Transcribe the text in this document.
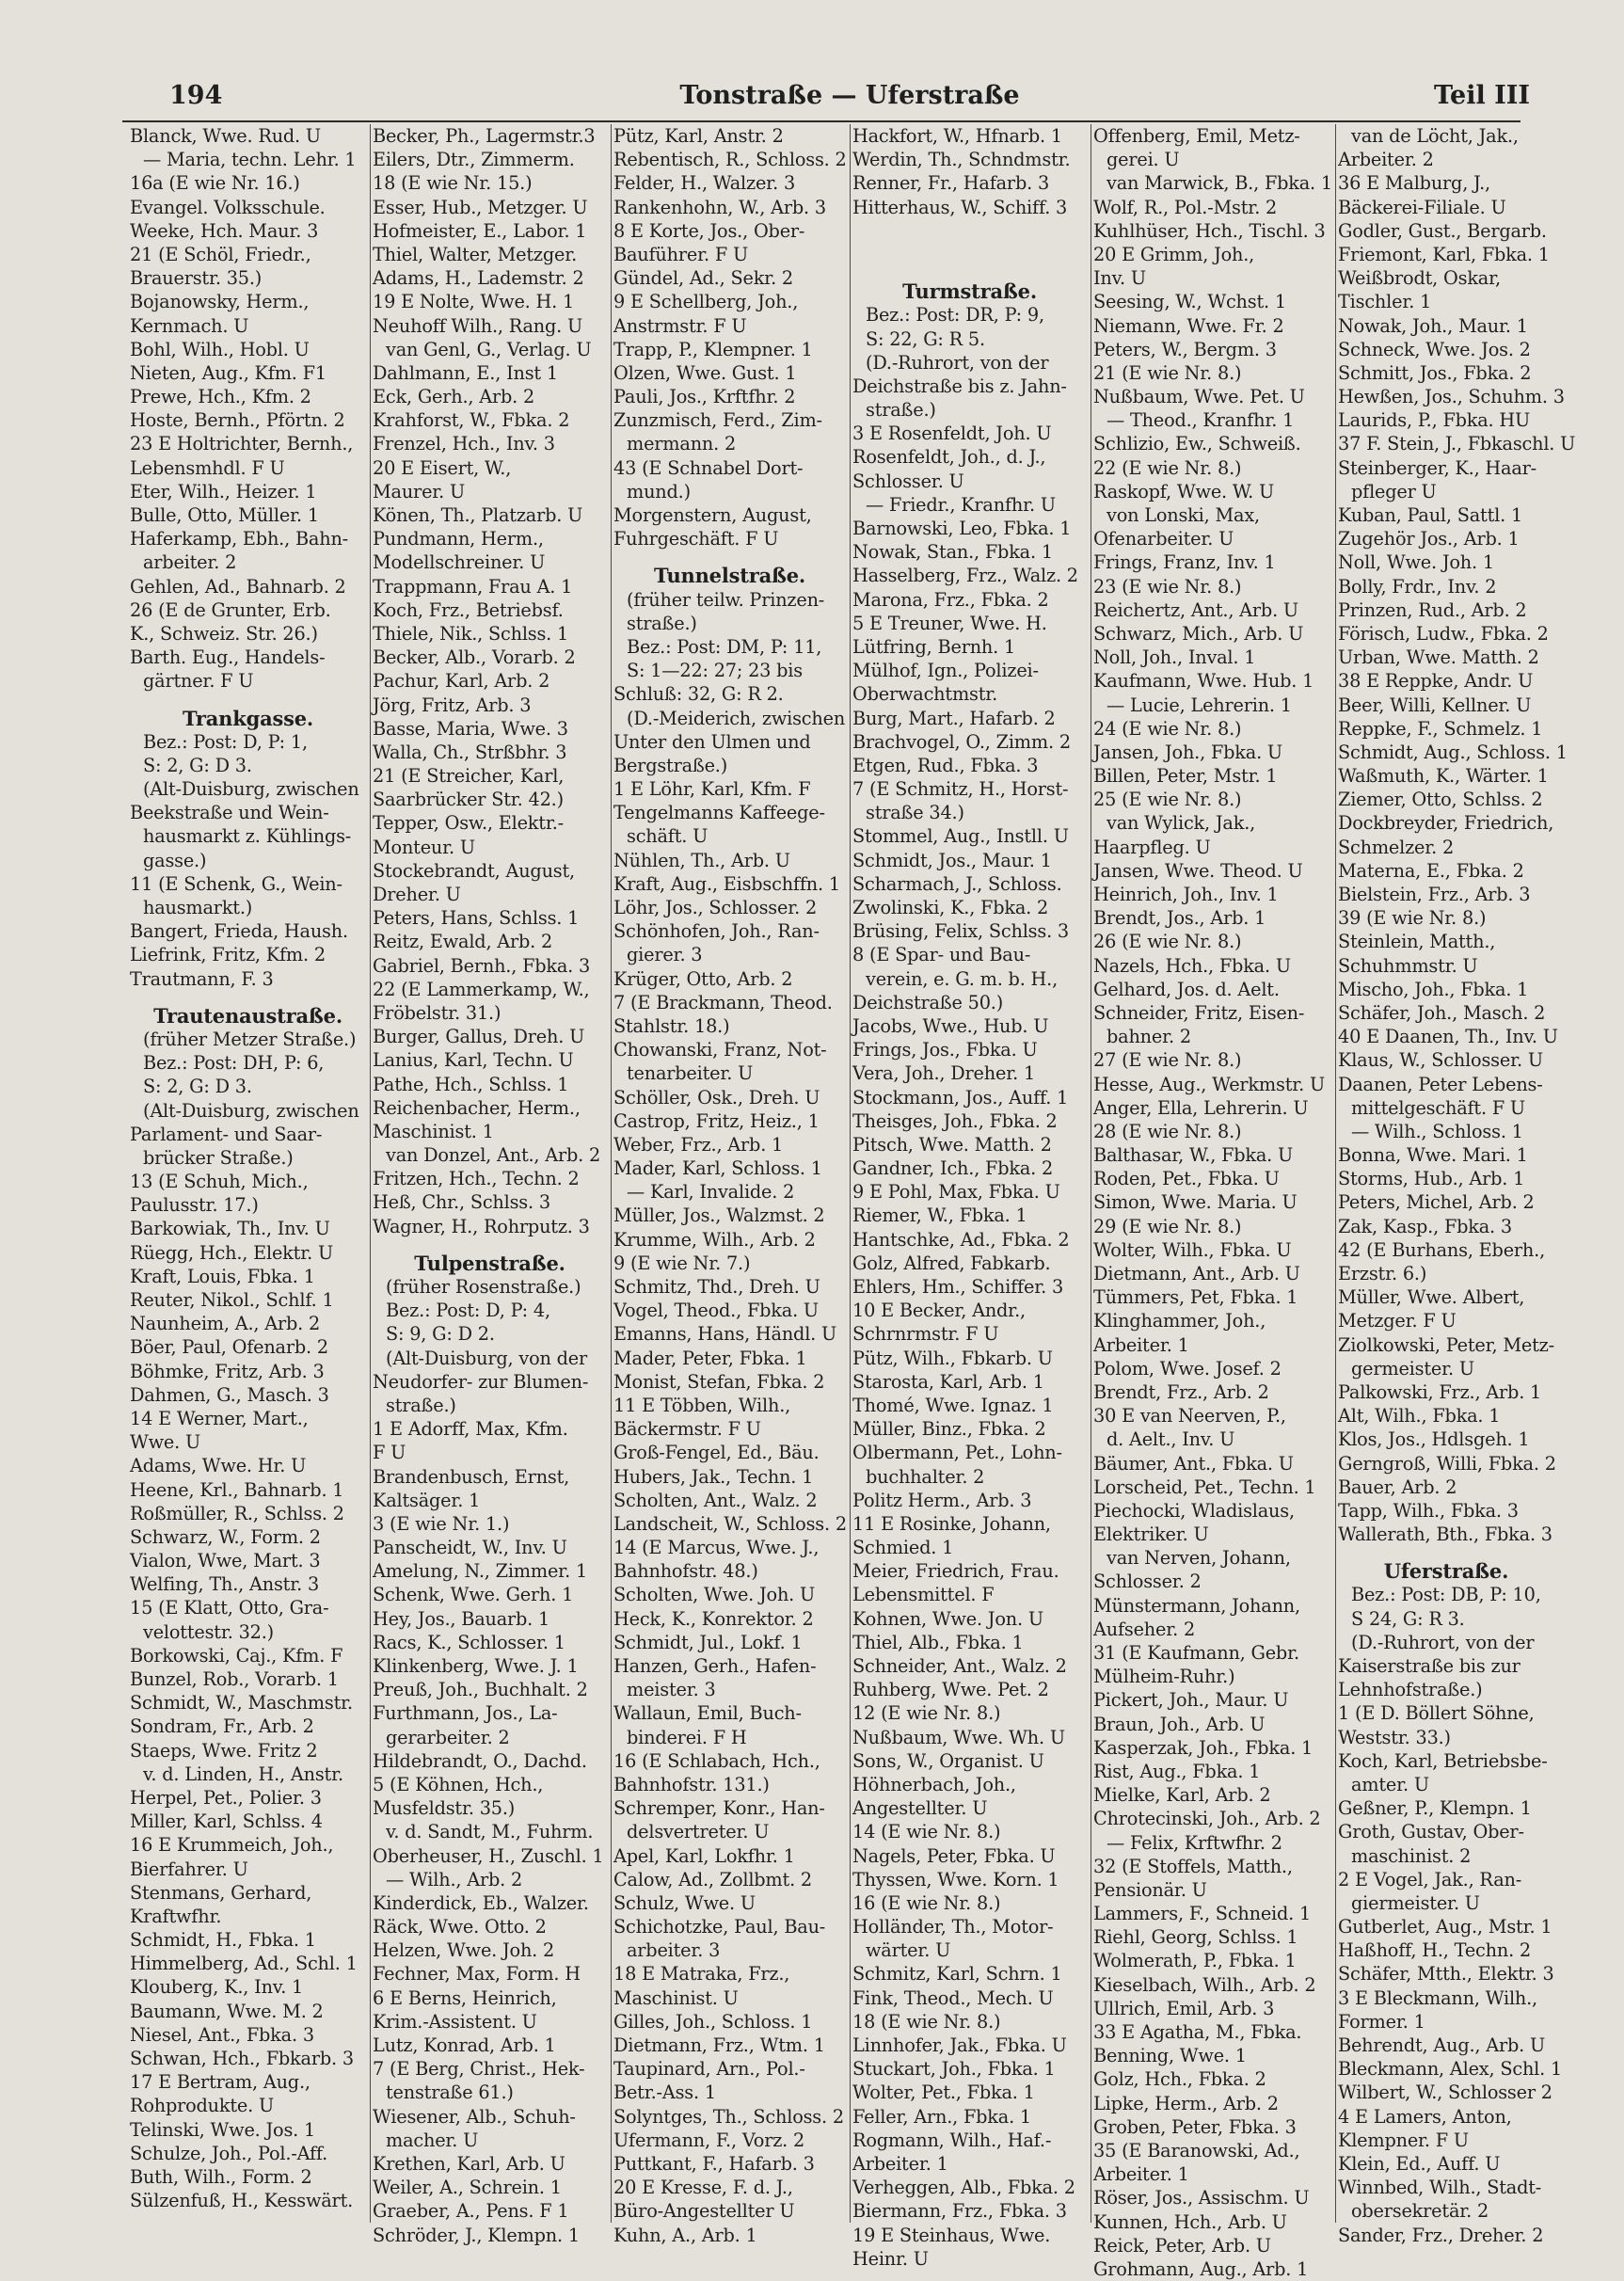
194	Tonstraße — Uferstraße	Teil III
Blanck, Wwe. Rud. U
— Maria, techn. Lehr. 1
16a (E wie Nr. 16.)
Evangel. Volksschule.
Weeke, Hch. Maur. 3
21 (E Schöl, Friedr.,
Brauerstr. 35.)
Bojanowsky, Herm.,
Kernmach. U
Bohl, Wilh., Hobl. U
Nieten, Aug., Kfm. F1
Prewe, Hch., Kfm. 2
Hoste, Bernh., Pförtn. 2
23 E Holtrichter, Bernh.,
Lebensmhdl. F U
Eter, Wilh., Heizer. 1
Bulle, Otto, Müller. 1
Haferkamp, Ebh., Bahn-
arbeiter. 2
Gehlen, Ad., Bahnarb. 2
26 (E de Grunter, Erb.
K., Schweiz. Str. 26.)
Barth. Eug., Handels-
gärtner. F U
Trankgasse.
Bez.: Post: D, P: 1,
S: 2, G: D 3.
(Alt-Duisburg, zwischen
Beekstraße und Wein-
hausmarkt z. Kühlings-
gasse.)
11 (E Schenk, G., Wein-
hausmarkt.)
Bangert, Frieda, Haush.
Liefrink, Fritz, Kfm. 2
Trautmann, F. 3
Trautenaustraße.
(früher Metzer Straße.)
Bez.: Post: DH, P: 6,
S: 2, G: D 3.
(Alt-Duisburg, zwischen
Parlament- und Saar-
brücker Straße.)
13 (E Schuh, Mich.,
Paulusstr. 17.)
Barkowiak, Th., Inv. U
Rüegg, Hch., Elektr. U
Kraft, Louis, Fbka. 1
Reuter, Nikol., Schlf. 1
Naunheim, A., Arb. 2
Böer, Paul, Ofenarb. 2
Böhmke, Fritz, Arb. 3
Dahmen, G., Masch. 3
14 E Werner, Mart.,
Wwe. U
Adams, Wwe. Hr. U
Heene, Krl., Bahnarb. 1
Roßmüller, R., Schlss. 2
Schwarz, W., Form. 2
Vialon, Wwe, Mart. 3
Welfing, Th., Anstr. 3
15 (E Klatt, Otto, Gra-
velottestr. 32.)
Borkowski, Caj., Kfm. F
Bunzel, Rob., Vorarb. 1
Schmidt, W., Maschmstr.
Sondram, Fr., Arb. 2
Staeps, Wwe. Fritz 2
v. d. Linden, H., Anstr.
Herpel, Pet., Polier. 3
Miller, Karl, Schlss. 4
16 E Krummeich, Joh.,
Bierfahrer. U
Stenmans, Gerhard,
Kraftwfhr.
Schmidt, H., Fbka. 1
Himmelberg, Ad., Schl. 1
Klouberg, K., Inv. 1
Baumann, Wwe. M. 2
Niesel, Ant., Fbka. 3
Schwan, Hch., Fbkarb. 3
17 E Bertram, Aug.,
Rohprodukte. U
Telinski, Wwe. Jos. 1
Schulze, Joh., Pol.-Aff.
Buth, Wilh., Form. 2
Sülzenfuß, H., Kesswärt.
Becker, Ph., Lagermstr.3
Eilers, Dtr., Zimmerm.
18 (E wie Nr. 15.)
Esser, Hub., Metzger. U
Hofmeister, E., Labor. 1
Thiel, Walter, Metzger.
Adams, H., Lademstr. 2
19 E Nolte, Wwe. H. 1
Neuhoff Wilh., Rang. U
van Genl, G., Verlag. U
Dahlmann, E., Inst 1
Eck, Gerh., Arb. 2
Krahforst, W., Fbka. 2
Frenzel, Hch., Inv. 3
20 E Eisert, W.,
Maurer. U
Könen, Th., Platzarb. U
Pundmann, Herm.,
Modellschreiner. U
Trappmann, Frau A. 1
Koch, Frz., Betriebsf.
Thiele, Nik., Schlss. 1
Becker, Alb., Vorarb. 2
Pachur, Karl, Arb. 2
Jörg, Fritz, Arb. 3
Basse, Maria, Wwe. 3
Walla, Ch., Strßbhr. 3
21 (E Streicher, Karl,
Saarbrücker Str. 42.)
Tepper, Osw., Elektr.-
Monteur. U
Stockebrandt, August,
Dreher. U
Peters, Hans, Schlss. 1
Reitz, Ewald, Arb. 2
Gabriel, Bernh., Fbka. 3
22 (E Lammerkamp, W.,
Fröbelstr. 31.)
Burger, Gallus, Dreh. U
Lanius, Karl, Techn. U
Pathe, Hch., Schlss. 1
Reichenbacher, Herm.,
Maschinist. 1
van Donzel, Ant., Arb. 2
Fritzen, Hch., Techn. 2
Heß, Chr., Schlss. 3
Wagner, H., Rohrputz. 3
Tulpenstraße.
(früher Rosenstraße.)
Bez.: Post: D, P: 4,
S: 9, G: D 2.
(Alt-Duisburg, von der
Neudorfer- zur Blumen-
straße.)
1 E Adorff, Max, Kfm.
F U
Brandenbusch, Ernst,
Kaltsäger. 1
3 (E wie Nr. 1.)
Panscheidt, W., Inv. U
Amelung, N., Zimmer. 1
Schenk, Wwe. Gerh. 1
Hey, Jos., Bauarb. 1
Racs, K., Schlosser. 1
Klinkenberg, Wwe. J. 1
Preuß, Joh., Buchhalt. 2
Furthmann, Jos., La-
gerarbeiter. 2
Hildebrandt, O., Dachd.
5 (E Köhnen, Hch.,
Musfeldstr. 35.)
v. d. Sandt, M., Fuhrm.
Oberheuser, H., Zuschl. 1
— Wilh., Arb. 2
Kinderdick, Eb., Walzer.
Räck, Wwe. Otto. 2
Helzen, Wwe. Joh. 2
Fechner, Max, Form. H
6 E Berns, Heinrich,
Krim.-Assistent. U
Lutz, Konrad, Arb. 1
7 (E Berg, Christ., Hek-
tenstraße 61.)
Wiesener, Alb., Schuh-
macher. U
Krethen, Karl, Arb. U
Weiler, A., Schrein. 1
Graeber, A., Pens. F 1
Schröder, J., Klempn. 1
Pütz, Karl, Anstr. 2
Rebentisch, R., Schloss. 2
Felder, H., Walzer. 3
Rankenhohn, W., Arb. 3
8 E Korte, Jos., Ober-
Bauführer. F U
Gündel, Ad., Sekr. 2
9 E Schellberg, Joh.,
Anstrmstr. F U
Trapp, P., Klempner. 1
Olzen, Wwe. Gust. 1
Pauli, Jos., Krftfhr. 2
Zunzmisch, Ferd., Zim-
mermann. 2
43 (E Schnabel Dort-
mund.)
Morgenstern, August,
Fuhrgeschäft. F U
Tunnelstraße.
(früher teilw. Prinzen-
straße.)
Bez.: Post: DM, P: 11,
S: 1—22: 27; 23 bis
Schluß: 32, G: R 2.
(D.-Meiderich, zwischen
Unter den Ulmen und
Bergstraße.)
1 E Löhr, Karl, Kfm. F
Tengelmanns Kaffeege-
schäft. U
Nühlen, Th., Arb. U
Kraft, Aug., Eisbschffn. 1
Löhr, Jos., Schlosser. 2
Schönhofen, Joh., Ran-
gierer. 3
Krüger, Otto, Arb. 2
7 (E Brackmann, Theod.
Stahlstr. 18.)
Chowanski, Franz, Not-
tenarbeiter. U
Schöller, Osk., Dreh. U
Castrop, Fritz, Heiz., 1
Weber, Frz., Arb. 1
Mader, Karl, Schloss. 1
— Karl, Invalide. 2
Müller, Jos., Walzmst. 2
Krumme, Wilh., Arb. 2
9 (E wie Nr. 7.)
Schmitz, Thd., Dreh. U
Vogel, Theod., Fbka. U
Emanns, Hans, Händl. U
Mader, Peter, Fbka. 1
Monist, Stefan, Fbka. 2
11 E Többen, Wilh.,
Bäckermstr. F U
Groß-Fengel, Ed., Bäu.
Hubers, Jak., Techn. 1
Scholten, Ant., Walz. 2
Landscheit, W., Schloss. 2
14 (E Marcus, Wwe. J.,
Bahnhofstr. 48.)
Scholten, Wwe. Joh. U
Heck, K., Konrektor. 2
Schmidt, Jul., Lokf. 1
Hanzen, Gerh., Hafen-
meister. 3
Wallaun, Emil, Buch-
binderei. F H
16 (E Schlabach, Hch.,
Bahnhofstr. 131.)
Schremper, Konr., Han-
delsvertreter. U
Apel, Karl, Lokfhr. 1
Calow, Ad., Zollbmt. 2
Schulz, Wwe. U
Schichotzke, Paul, Bau-
arbeiter. 3
18 E Matraka, Frz.,
Maschinist. U
Gilles, Joh., Schloss. 1
Dietmann, Frz., Wtm. 1
Taupinard, Arn., Pol.-
Betr.-Ass. 1
Solyntges, Th., Schloss. 2
Ufermann, F., Vorz. 2
Puttkant, F., Hafarb. 3
20 E Kresse, F. d. J.,
Büro-Angestellter U
Kuhn, A., Arb. 1
Hackfort, W., Hfnarb. 1
Werdin, Th., Schndmstr.
Renner, Fr., Hafarb. 3
Hitterhaus, W., Schiff. 3
Turmstraße.
Bez.: Post: DR, P: 9,
S: 22, G: R 5.
(D.-Ruhrort, von der
Deichstraße bis z. Jahn-
straße.)
3 E Rosenfeldt, Joh. U
Rosenfeldt, Joh., d. J.,
Schlosser. U
— Friedr., Kranfhr. U
Barnowski, Leo, Fbka. 1
Nowak, Stan., Fbka. 1
Hasselberg, Frz., Walz. 2
Marona, Frz., Fbka. 2
5 E Treuner, Wwe. H.
Lütfring, Bernh. 1
Mülhof, Ign., Polizei-
Oberwachtmstr.
Burg, Mart., Hafarb. 2
Brachvogel, O., Zimm. 2
Etgen, Rud., Fbka. 3
7 (E Schmitz, H., Horst-
straße 34.)
Stommel, Aug., Instll. U
Schmidt, Jos., Maur. 1
Scharmach, J., Schloss.
Zwolinski, K., Fbka. 2
Brüsing, Felix, Schlss. 3
8 (E Spar- und Bau-
verein, e. G. m. b. H.,
Deichstraße 50.)
Jacobs, Wwe., Hub. U
Frings, Jos., Fbka. U
Vera, Joh., Dreher. 1
Stockmann, Jos., Auff. 1
Theisges, Joh., Fbka. 2
Pitsch, Wwe. Matth. 2
Gandner, Ich., Fbka. 2
9 E Pohl, Max, Fbka. U
Riemer, W., Fbka. 1
Hantschke, Ad., Fbka. 2
Golz, Alfred, Fabkarb.
Ehlers, Hm., Schiffer. 3
10 E Becker, Andr.,
Schrnrmstr. F U
Pütz, Wilh., Fbkarb. U
Starosta, Karl, Arb. 1
Thomé, Wwe. Ignaz. 1
Müller, Binz., Fbka. 2
Olbermann, Pet., Lohn-
buchhalter. 2
Politz Herm., Arb. 3
11 E Rosinke, Johann,
Schmied. 1
Meier, Friedrich, Frau.
Lebensmittel. F
Kohnen, Wwe. Jon. U
Thiel, Alb., Fbka. 1
Schneider, Ant., Walz. 2
Ruhberg, Wwe. Pet. 2
12 (E wie Nr. 8.)
Nußbaum, Wwe. Wh. U
Sons, W., Organist. U
Höhnerbach, Joh.,
Angestellter. U
14 (E wie Nr. 8.)
Nagels, Peter, Fbka. U
Thyssen, Wwe. Korn. 1
16 (E wie Nr. 8.)
Holländer, Th., Motor-
wärter. U
Schmitz, Karl, Schrn. 1
Fink, Theod., Mech. U
18 (E wie Nr. 8.)
Linnhofer, Jak., Fbka. U
Stuckart, Joh., Fbka. 1
Wolter, Pet., Fbka. 1
Feller, Arn., Fbka. 1
Rogmann, Wilh., Haf.-
Arbeiter. 1
Verheggen, Alb., Fbka. 2
Biermann, Frz., Fbka. 3
19 E Steinhaus, Wwe.
Heinr. U
Offenberg, Emil, Metz-
gerei. U
van Marwick, B., Fbka. 1
Wolf, R., Pol.-Mstr. 2
Kuhlhüser, Hch., Tischl. 3
20 E Grimm, Joh.,
Inv. U
Seesing, W., Wchst. 1
Niemann, Wwe. Fr. 2
Peters, W., Bergm. 3
21 (E wie Nr. 8.)
Nußbaum, Wwe. Pet. U
— Theod., Kranfhr. 1
Schlizio, Ew., Schweiß.
22 (E wie Nr. 8.)
Raskopf, Wwe. W. U
von Lonski, Max,
Ofenarbeiter. U
Frings, Franz, Inv. 1
23 (E wie Nr. 8.)
Reichertz, Ant., Arb. U
Schwarz, Mich., Arb. U
Noll, Joh., Inval. 1
Kaufmann, Wwe. Hub. 1
— Lucie, Lehrerin. 1
24 (E wie Nr. 8.)
Jansen, Joh., Fbka. U
Billen, Peter, Mstr. 1
25 (E wie Nr. 8.)
van Wylick, Jak.,
Haarpfleg. U
Jansen, Wwe. Theod. U
Heinrich, Joh., Inv. 1
Brendt, Jos., Arb. 1
26 (E wie Nr. 8.)
Nazels, Hch., Fbka. U
Gelhard, Jos. d. Aelt.
Schneider, Fritz, Eisen-
bahner. 2
27 (E wie Nr. 8.)
Hesse, Aug., Werkmstr. U
Anger, Ella, Lehrerin. U
28 (E wie Nr. 8.)
Balthasar, W., Fbka. U
Roden, Pet., Fbka. U
Simon, Wwe. Maria. U
29 (E wie Nr. 8.)
Wolter, Wilh., Fbka. U
Dietmann, Ant., Arb. U
Tümmers, Pet, Fbka. 1
Klinghammer, Joh.,
Arbeiter. 1
Polom, Wwe. Josef. 2
Brendt, Frz., Arb. 2
30 E van Neerven, P.,
d. Aelt., Inv. U
Bäumer, Ant., Fbka. U
Lorscheid, Pet., Techn. 1
Piechocki, Wladislaus,
Elektriker. U
van Nerven, Johann,
Schlosser. 2
Münstermann, Johann,
Aufseher. 2
31 (E Kaufmann, Gebr.
Mülheim-Ruhr.)
Pickert, Joh., Maur. U
Braun, Joh., Arb. U
Kasperzak, Joh., Fbka. 1
Rist, Aug., Fbka. 1
Mielke, Karl, Arb. 2
Chrotecinski, Joh., Arb. 2
— Felix, Krftwfhr. 2
32 (E Stoffels, Matth.,
Pensionär. U
Lammers, F., Schneid. 1
Riehl, Georg, Schlss. 1
Wolmerath, P., Fbka. 1
Kieselbach, Wilh., Arb. 2
Ullrich, Emil, Arb. 3
33 E Agatha, M., Fbka.
Benning, Wwe. 1
Golz, Hch., Fbka. 2
Lipke, Herm., Arb. 2
Groben, Peter, Fbka. 3
35 (E Baranowski, Ad.,
Arbeiter. 1
Röser, Jos., Assischm. U
Kunnen, Hch., Arb. U
Reick, Peter, Arb. U
Grohmann, Aug., Arb. 1
van de Löcht, Jak.,
Arbeiter. 2
36 E Malburg, J.,
Bäckerei-Filiale. U
Godler, Gust., Bergarb.
Friemont, Karl, Fbka. 1
Weißbrodt, Oskar,
Tischler. 1
Nowak, Joh., Maur. 1
Schneck, Wwe. Jos. 2
Schmitt, Jos., Fbka. 2
Hewßen, Jos., Schuhm. 3
Laurids, P., Fbka. HU
37 F. Stein, J., Fbkaschl. U
Steinberger, K., Haar-
pfleger U
Kuban, Paul, Sattl. 1
Zugehör Jos., Arb. 1
Noll, Wwe. Joh. 1
Bolly, Frdr., Inv. 2
Prinzen, Rud., Arb. 2
Förisch, Ludw., Fbka. 2
Urban, Wwe. Matth. 2
38 E Reppke, Andr. U
Beer, Willi, Kellner. U
Reppke, F., Schmelz. 1
Schmidt, Aug., Schloss. 1
Waßmuth, K., Wärter. 1
Ziemer, Otto, Schlss. 2
Dockbreyder, Friedrich,
Schmelzer. 2
Materna, E., Fbka. 2
Bielstein, Frz., Arb. 3
39 (E wie Nr. 8.)
Steinlein, Matth.,
Schuhmmstr. U
Mischo, Joh., Fbka. 1
Schäfer, Joh., Masch. 2
40 E Daanen, Th., Inv. U
Klaus, W., Schlosser. U
Daanen, Peter Lebens-
mittelgeschäft. F U
— Wilh., Schloss. 1
Bonna, Wwe. Mari. 1
Storms, Hub., Arb. 1
Peters, Michel, Arb. 2
Zak, Kasp., Fbka. 3
42 (E Burhans, Eberh.,
Erzstr. 6.)
Müller, Wwe. Albert,
Metzger. F U
Ziolkowski, Peter, Metz-
germeister. U
Palkowski, Frz., Arb. 1
Alt, Wilh., Fbka. 1
Klos, Jos., Hdlsgeh. 1
Gerngroß, Willi, Fbka. 2
Bauer, Arb. 2
Tapp, Wilh., Fbka. 3
Wallerath, Bth., Fbka. 3
Uferstraße.
Bez.: Post: DB, P: 10,
S 24, G: R 3.
(D.-Ruhrort, von der
Kaiserstraße bis zur
Lehnhofstraße.)
1 (E D. Böllert Söhne,
Weststr. 33.)
Koch, Karl, Betriebsbe-
amter. U
Geßner, P., Klempn. 1
Groth, Gustav, Ober-
maschinist. 2
2 E Vogel, Jak., Ran-
giermeister. U
Gutberlet, Aug., Mstr. 1
Haßhoff, H., Techn. 2
Schäfer, Mtth., Elektr. 3
3 E Bleckmann, Wilh.,
Former. 1
Behrendt, Aug., Arb. U
Bleckmann, Alex, Schl. 1
Wilbert, W., Schlosser 2
4 E Lamers, Anton,
Klempner. F U
Klein, Ed., Auff. U
Winnbed, Wilh., Stadt-
obersekretär. 2
Sander, Frz., Dreher. 2
